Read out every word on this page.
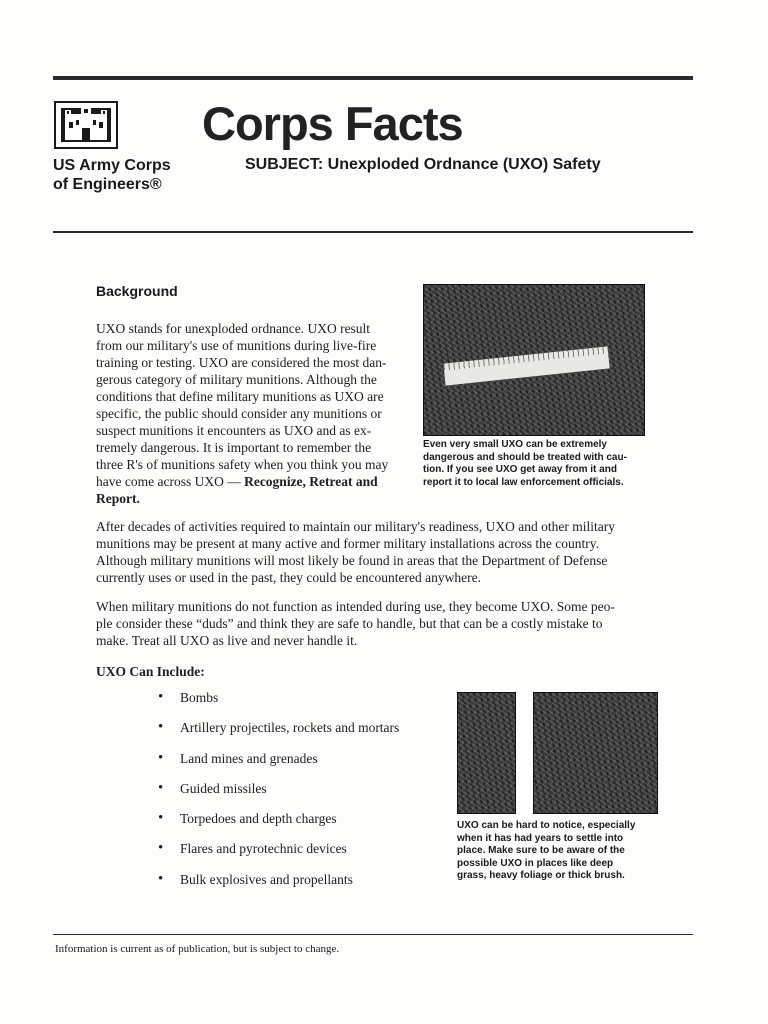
US Army Corps
of Engineers®
Corps Facts
SUBJECT: Unexploded Ordnance (UXO) Safety
Background
UXO stands for unexploded ordnance. UXO result
from our military's use of munitions during live-fire
training or testing. UXO are considered the most dan-
gerous category of military munitions. Although the
conditions that define military munitions as UXO are
specific, the public should consider any munitions or
suspect munitions it encounters as UXO and as ex-
tremely dangerous. It is important to remember the
three R's of munitions safety when you think you may
have come across UXO — Recognize, Retreat and
Report.
Even very small UXO can be extremely
dangerous and should be treated with cau-
tion. If you see UXO get away from it and
report it to local law enforcement officials.
After decades of activities required to maintain our military's readiness, UXO and other military
munitions may be present at many active and former military installations across the country.
Although military munitions will most likely be found in areas that the Department of Defense
currently uses or used in the past, they could be encountered anywhere.
When military munitions do not function as intended during use, they become UXO. Some peo-
ple consider these “duds” and think they are safe to handle, but that can be a costly mistake to
make. Treat all UXO as live and never handle it.
UXO Can Include:
• Bombs
• Artillery projectiles, rockets and mortars
• Land mines and grenades
• Guided missiles
• Torpedoes and depth charges
• Flares and pyrotechnic devices
• Bulk explosives and propellants
UXO can be hard to notice, especially
when it has had years to settle into
place. Make sure to be aware of the
possible UXO in places like deep
grass, heavy foliage or thick brush.
Information is current as of publication, but is subject to change.
